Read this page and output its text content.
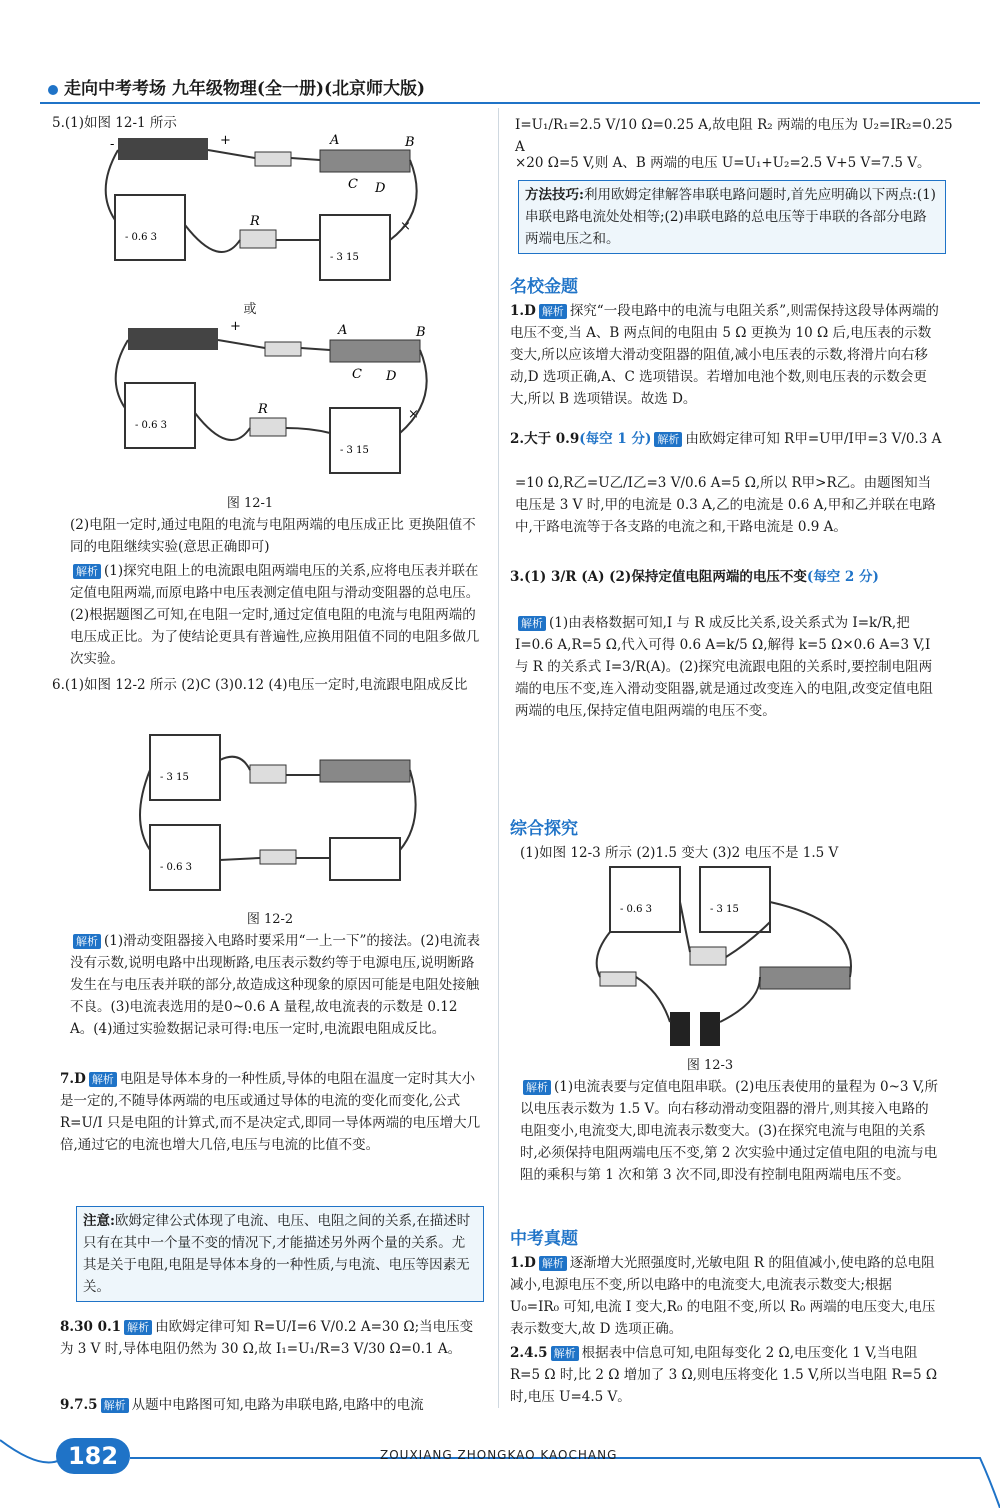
走向中考考场 九年级物理(全一册)(北京师大版)
5.(1)如图 12-1 所示
-	+	A	B
C D
- 0.6 3
R
- 3 15
×
或
+	A	B
C D
- 0.6 3
R
- 3 15
×
图 12-1
(2)电阻一定时,通过电阻的电流与电阻两端的电压成正比 更换阻值不同的电阻继续实验(意思正确即可)
解析 (1)探究电阻上的电流跟电阻两端电压的关系,应将电压表并联在定值电阻两端,而原电路中电压表测定值电阻与滑动变阻器的总电压。(2)根据题图乙可知,在电阻一定时,通过定值电阻的电流与电阻两端的电压成正比。为了使结论更具有普遍性,应换用阻值不同的电阻多做几次实验。
6.(1)如图 12-2 所示 (2)C (3)0.12 (4)电压一定时,电流跟电阻成反比
- 3 15
- 0.6 3
图 12-2
解析 (1)滑动变阻器接入电路时要采用“一上一下”的接法。(2)电流表没有示数,说明电路中出现断路,电压表示数约等于电源电压,说明断路发生在与电压表并联的部分,故造成这种现象的原因可能是电阻处接触不良。(3)电流表选用的是0~0.6 A 量程,故电流表的示数是 0.12 A。(4)通过实验数据记录可得:电压一定时,电流跟电阻成反比。
7.D 解析 电阻是导体本身的一种性质,导体的电阻在温度一定时其大小是一定的,不随导体两端的电压或通过导体的电流的变化而变化,公式 R=U/I 只是电阻的计算式,而不是决定式,即同一导体两端的电压增大几倍,通过它的电流也增大几倍,电压与电流的比值不变。
注意:欧姆定律公式体现了电流、电压、电阻之间的关系,在描述时只有在其中一个量不变的情况下,才能描述另外两个量的关系。尤其是关于电阻,电阻是导体本身的一种性质,与电流、电压等因素无关。
8.30 0.1 解析 由欧姆定律可知 R=U/I=6 V/0.2 A=30 Ω;当电压变为 3 V 时,导体电阻仍然为 30 Ω,故 I₁=U₁/R=3 V/30 Ω=0.1 A。
9.7.5 解析 从题中电路图可知,电路为串联电路,电路中的电流
I=U₁/R₁=2.5 V/10 Ω=0.25 A,故电阻 R₂ 两端的电压为 U₂=IR₂=0.25 A
×20 Ω=5 V,则 A、B 两端的电压 U=U₁+U₂=2.5 V+5 V=7.5 V。
方法技巧:利用欧姆定律解答串联电路问题时,首先应明确以下两点:(1)串联电路电流处处相等;(2)串联电路的总电压等于串联的各部分电路两端电压之和。
名校金题
1.D 解析 探究“一段电路中的电流与电阻关系”,则需保持这段导体两端的电压不变,当 A、B 两点间的电阻由 5 Ω 更换为 10 Ω 后,电压表的示数变大,所以应该增大滑动变阻器的阻值,减小电压表的示数,将滑片向右移动,D 选项正确,A、C 选项错误。若增加电池个数,则电压表的示数会更大,所以 B 选项错误。故选 D。
2.大于 0.9(每空 1 分) 解析 由欧姆定律可知 R甲=U甲/I甲=3 V/0.3 A
=10 Ω,R乙=U乙/I乙=3 V/0.6 A=5 Ω,所以 R甲>R乙。由题图知当电压是 3 V 时,甲的电流是 0.3 A,乙的电流是 0.6 A,甲和乙并联在电路中,干路电流等于各支路的电流之和,干路电流是 0.9 A。
3.(1) 3/R (A) (2)保持定值电阻两端的电压不变(每空 2 分)
解析 (1)由表格数据可知,I 与 R 成反比关系,设关系式为 I=k/R,把 I=0.6 A,R=5 Ω,代入可得 0.6 A=k/5 Ω,解得 k=5 Ω×0.6 A=3 V,I 与 R 的关系式 I=3/R(A)。(2)探究电流跟电阻的关系时,要控制电阻两端的电压不变,连入滑动变阻器,就是通过改变连入的电阻,改变定值电阻两端的电压,保持定值电阻两端的电压不变。
综合探究
(1)如图 12-3 所示 (2)1.5 变大 (3)2 电压不是 1.5 V
- 0.6 3	- 3 15
图 12-3
解析 (1)电流表要与定值电阻串联。(2)电压表使用的量程为 0~3 V,所以电压表示数为 1.5 V。向右移动滑动变阻器的滑片,则其接入电路的电阻变小,电流变大,即电流表示数变大。(3)在探究电流与电阻的关系时,必须保持电阻两端电压不变,第 2 次实验中通过定值电阻的电流与电阻的乘积与第 1 次和第 3 次不同,即没有控制电阻两端电压不变。
中考真题
1.D 解析 逐渐增大光照强度时,光敏电阻 R 的阻值减小,使电路的总电阻减小,电源电压不变,所以电路中的电流变大,电流表示数变大;根据 U₀=IR₀ 可知,电流 I 变大,R₀ 的电阻不变,所以 R₀ 两端的电压变大,电压表示数变大,故 D 选项正确。
2.4.5 解析 根据表中信息可知,电阻每变化 2 Ω,电压变化 1 V,当电阻 R=5 Ω 时,比 2 Ω 增加了 3 Ω,则电压将变化 1.5 V,所以当电阻 R=5 Ω 时,电压 U=4.5 V。
182	ZOUXIANG ZHONGKAO KAOCHANG
